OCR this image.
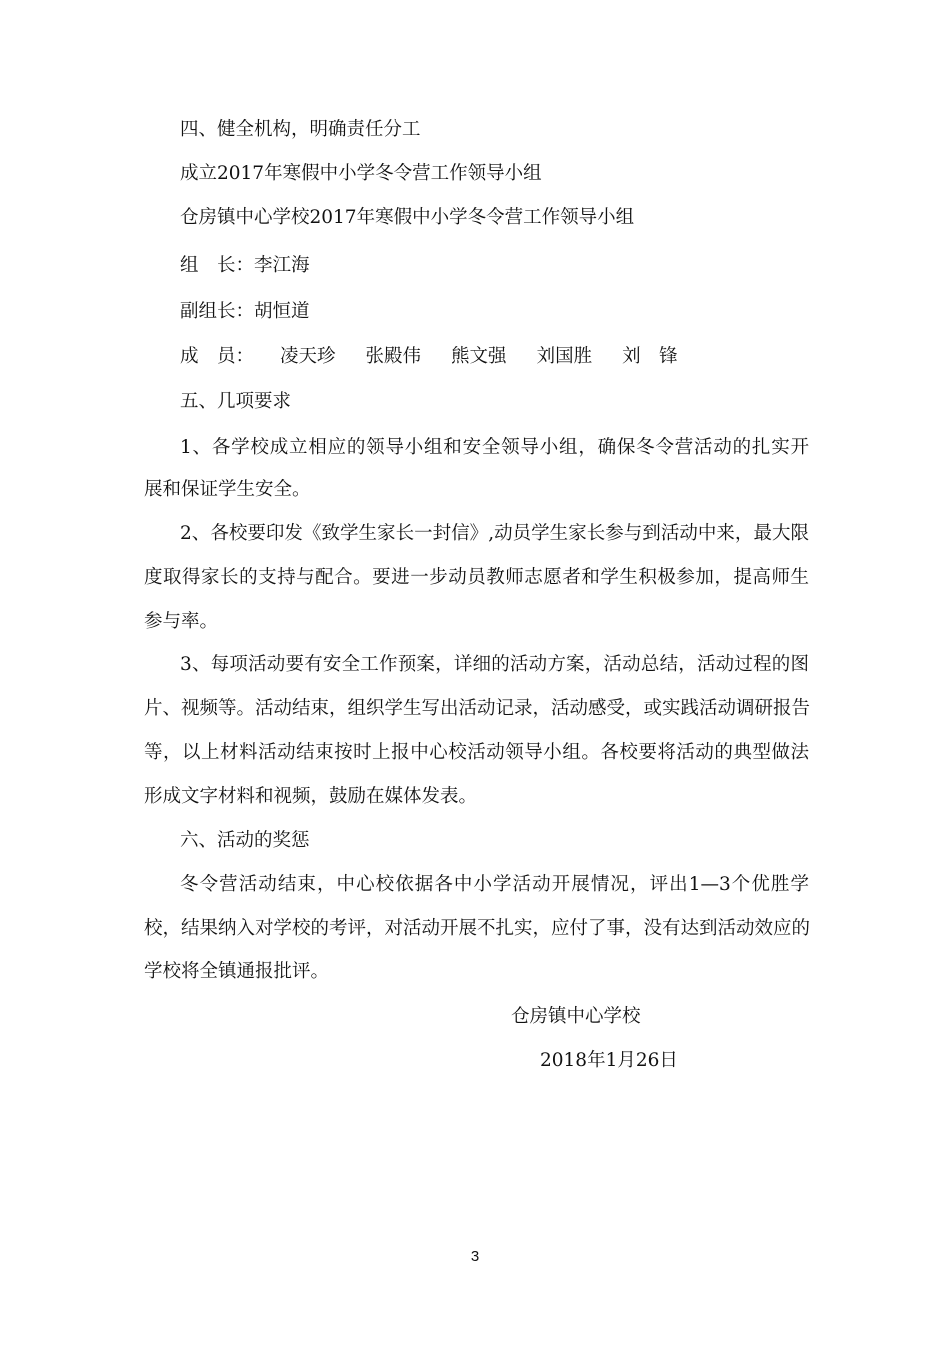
四、健全机构，明确责任分工
成立2017年寒假中小学冬令营工作领导小组
仓房镇中心学校2017年寒假中小学冬令营工作领导小组
组　长：李江海
副组长：胡恒道
成　员： 凌天珍 张殿伟 熊文强 刘国胜 刘　锋
五、几项要求
1、各学校成立相应的领导小组和安全领导小组，确保冬令营活动的扎实开
展和保证学生安全。
2、各校要印发《致学生家长一封信》,动员学生家长参与到活动中来，最大限
度取得家长的支持与配合。要进一步动员教师志愿者和学生积极参加，提高师生
参与率。
3、每项活动要有安全工作预案，详细的活动方案，活动总结，活动过程的图
片、视频等。活动结束，组织学生写出活动记录，活动感受，或实践活动调研报告
等，以上材料活动结束按时上报中心校活动领导小组。各校要将活动的典型做法
形成文字材料和视频，鼓励在媒体发表。
六、活动的奖惩
冬令营活动结束，中心校依据各中小学活动开展情况，评出1—3个优胜学
校，结果纳入对学校的考评，对活动开展不扎实，应付了事，没有达到活动效应的
学校将全镇通报批评。
仓房镇中心学校
2018年1月26日
3
